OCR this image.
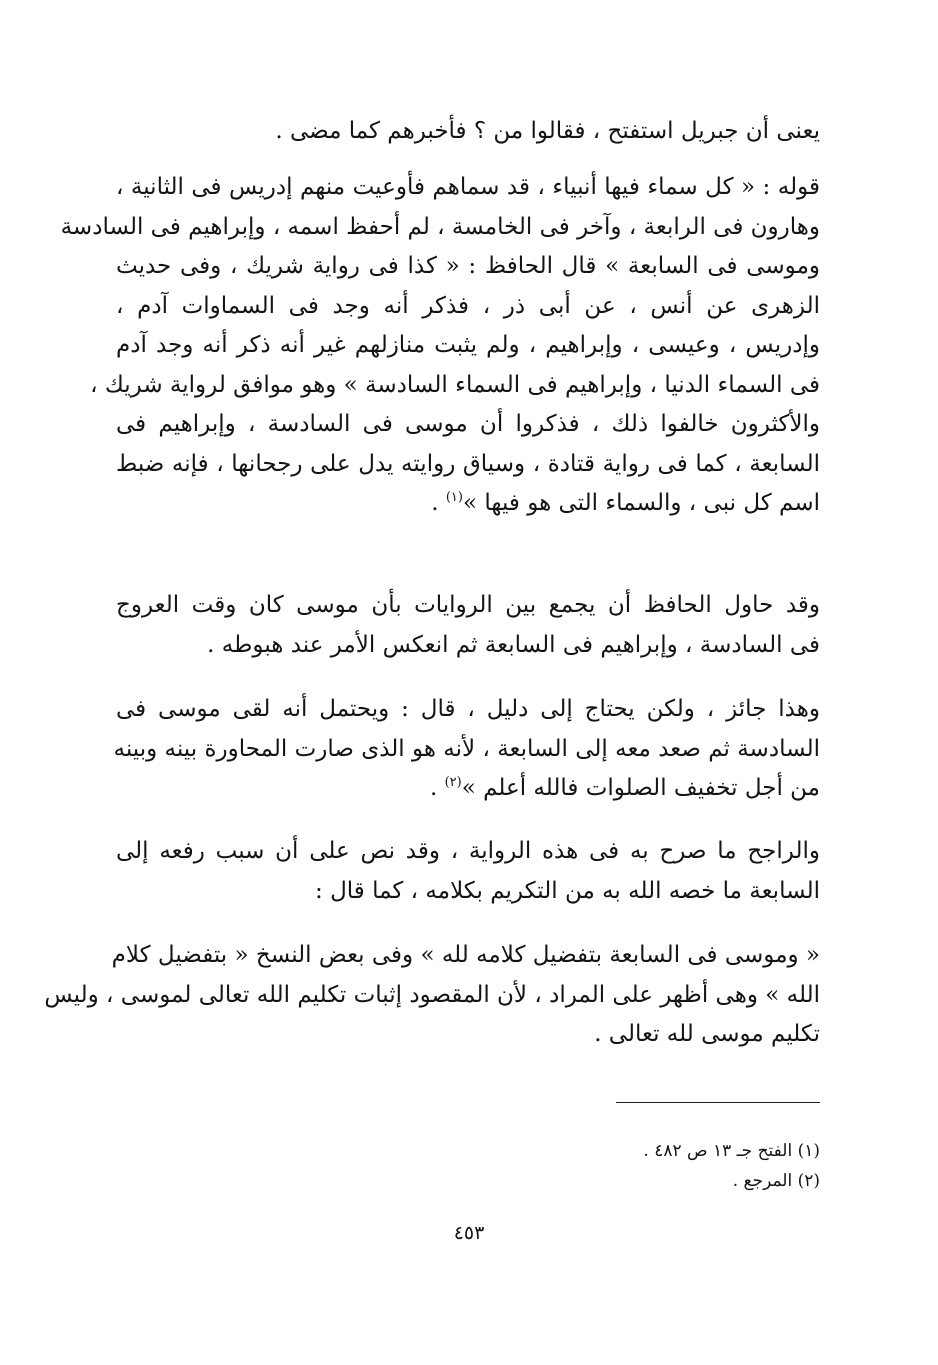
يعنى أن جبريل استفتح ، فقالوا من ؟ فأخبرهم كما مضى .
قوله : « كل سماء فيها أنبياء ، قد سماهم فأوعيت منهم إدريس فى الثانية ،
وهارون فى الرابعة ، وآخر فى الخامسة ، لم أحفظ اسمه ، وإبراهيم فى السادسة
وموسى فى السابعة » قال الحافظ : « كذا فى رواية شريك ، وفى حديث
الزهرى عن أنس ، عن أبى ذر ، فذكر أنه وجد فى السماوات آدم ،
وإدريس ، وعيسى ، وإبراهيم ، ولم يثبت منازلهم غير أنه ذكر أنه وجد آدم
فى السماء الدنيا ، وإبراهيم فى السماء السادسة » وهو موافق لرواية شريك ،
والأكثرون خالفوا ذلك ، فذكروا أن موسى فى السادسة ، وإبراهيم فى
السابعة ، كما فى رواية قتادة ، وسياق روايته يدل على رجحانها ، فإنه ضبط
اسم كل نبى ، والسماء التى هو فيها »$^{(١)}$ .
وقد حاول الحافظ أن يجمع بين الروايات بأن موسى كان وقت العروج
فى السادسة ، وإبراهيم فى السابعة ثم انعكس الأمر عند هبوطه .
وهذا جائز ، ولكن يحتاج إلى دليل ، قال : ويحتمل أنه لقى موسى فى
السادسة ثم صعد معه إلى السابعة ، لأنه هو الذى صارت المحاورة بينه وبينه
من أجل تخفيف الصلوات فالله أعلم »$^{(٢)}$ .
والراجح ما صرح به فى هذه الرواية ، وقد نص على أن سبب رفعه إلى
السابعة ما خصه الله به من التكريم بكلامه ، كما قال :
« وموسى فى السابعة بتفضيل كلامه لله » وفى بعض النسخ « بتفضيل كلام
الله » وهى أظهر على المراد ، لأن المقصود إثبات تكليم الله تعالى لموسى ، وليس
تكليم موسى لله تعالى .
(١) الفتح جـ ١٣ ص ٤٨٢ .
(٢) المرجع .
٤٥٣
